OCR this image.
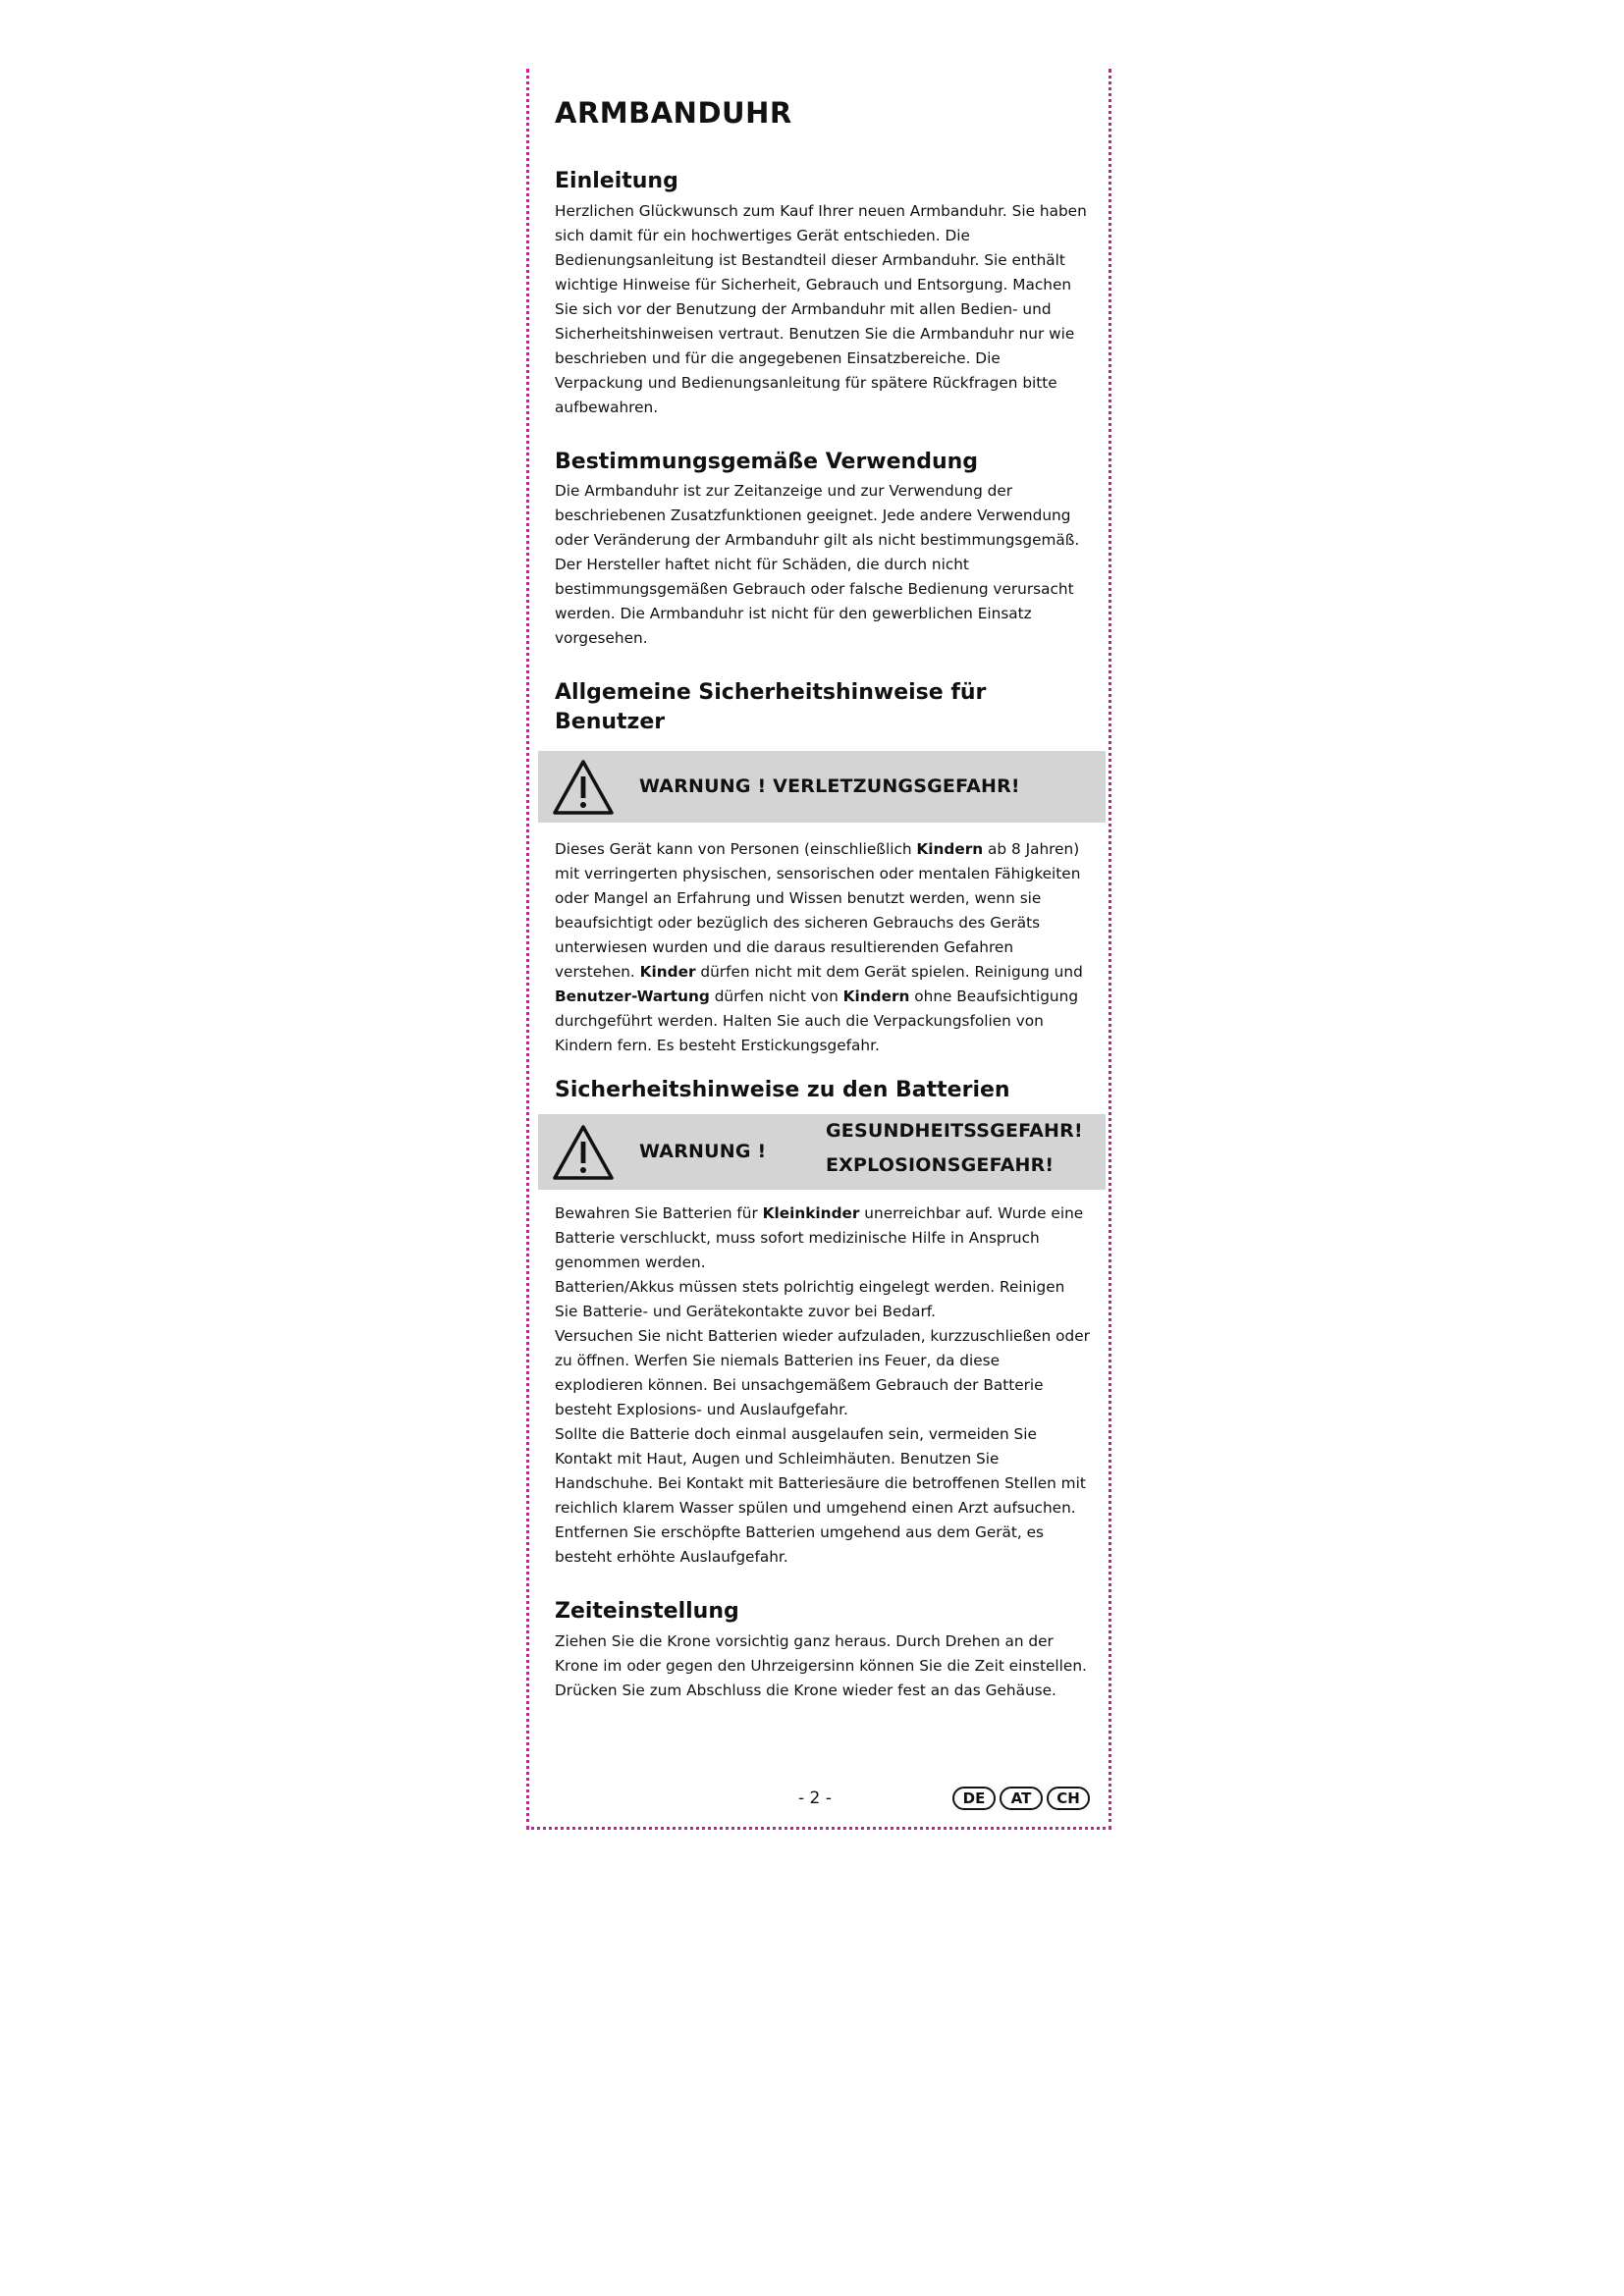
ARMBANDUHR
Einleitung

Herzlichen Glückwunsch zum Kauf Ihrer neuen Armbanduhr. Sie haben sich damit für ein hochwertiges Gerät entschieden. Die Bedienungsanleitung ist Bestandteil dieser Armbanduhr. Sie enthält wichtige Hinweise für Sicherheit, Gebrauch und Entsorgung. Machen Sie sich vor der Benutzung der Armbanduhr mit allen Bedien- und Sicherheitshinweisen vertraut. Benutzen Sie die Armbanduhr nur wie beschrieben und für die angegebenen Einsatzbereiche. Die Verpackung und Bedienungsanleitung für spätere Rückfragen bitte aufbewahren.

Bestimmungsgemäße Verwendung

Die Armbanduhr ist zur Zeitanzeige und zur Verwendung der beschriebenen Zusatzfunktionen geeignet. Jede andere Verwendung oder Veränderung der Armbanduhr gilt als nicht bestimmungsgemäß. Der Hersteller haftet nicht für Schäden, die durch nicht bestimmungsgemäßen Gebrauch oder falsche Bedienung verursacht werden. Die Armbanduhr ist nicht für den gewerblichen Einsatz vorgesehen.

Allgemeine Sicherheitshinweise für Benutzer
WARNUNG ! VERLETZUNGSGEFAHR!

Dieses Gerät kann von Personen (einschließlich Kindern ab 8 Jahren) mit verringerten physischen, sensorischen oder mentalen Fähigkeiten oder Mangel an Erfahrung und Wissen benutzt werden, wenn sie beaufsichtigt oder bezüglich des sicheren Gebrauchs des Geräts unterwiesen wurden und die daraus resultierenden Gefahren verstehen. Kinder dürfen nicht mit dem Gerät spielen. Reinigung und Benutzer-Wartung dürfen nicht von Kindern ohne Beaufsichtigung durchgeführt werden. Halten Sie auch die Verpackungsfolien von Kindern fern. Es besteht Erstickungsgefahr.

Sicherheitshinweise zu den Batterien
WARNUNG !
GESUNDHEITSSGEFAHR!
EXPLOSIONSGEFAHR!

Bewahren Sie Batterien für Kleinkinder unerreichbar auf. Wurde eine Batterie verschluckt, muss sofort medizinische Hilfe in Anspruch genommen werden.

Batterien/Akkus müssen stets polrichtig eingelegt werden. Reinigen Sie Batterie- und Gerätekontakte zuvor bei Bedarf.

Versuchen Sie nicht Batterien wieder aufzuladen, kurzzuschließen oder zu öffnen. Werfen Sie niemals Batterien ins Feuer, da diese explodieren können. Bei unsachgemäßem Gebrauch der Batterie besteht Explosions- und Auslaufgefahr.

Sollte die Batterie doch einmal ausgelaufen sein, vermeiden Sie Kontakt mit Haut, Augen und Schleimhäuten. Benutzen Sie Handschuhe. Bei Kontakt mit Batteriesäure die betroffenen Stellen mit reichlich klarem Wasser spülen und umgehend einen Arzt aufsuchen. Entfernen Sie erschöpfte Batterien umgehend aus dem Gerät, es besteht erhöhte Auslaufgefahr.

Zeiteinstellung

Ziehen Sie die Krone vorsichtig ganz heraus. Durch Drehen an der Krone im oder gegen den Uhrzeigersinn können Sie die Zeit einstellen. Drücken Sie zum Abschluss die Krone wieder fest an das Gehäuse.

- 2 -	DE	AT	CH
